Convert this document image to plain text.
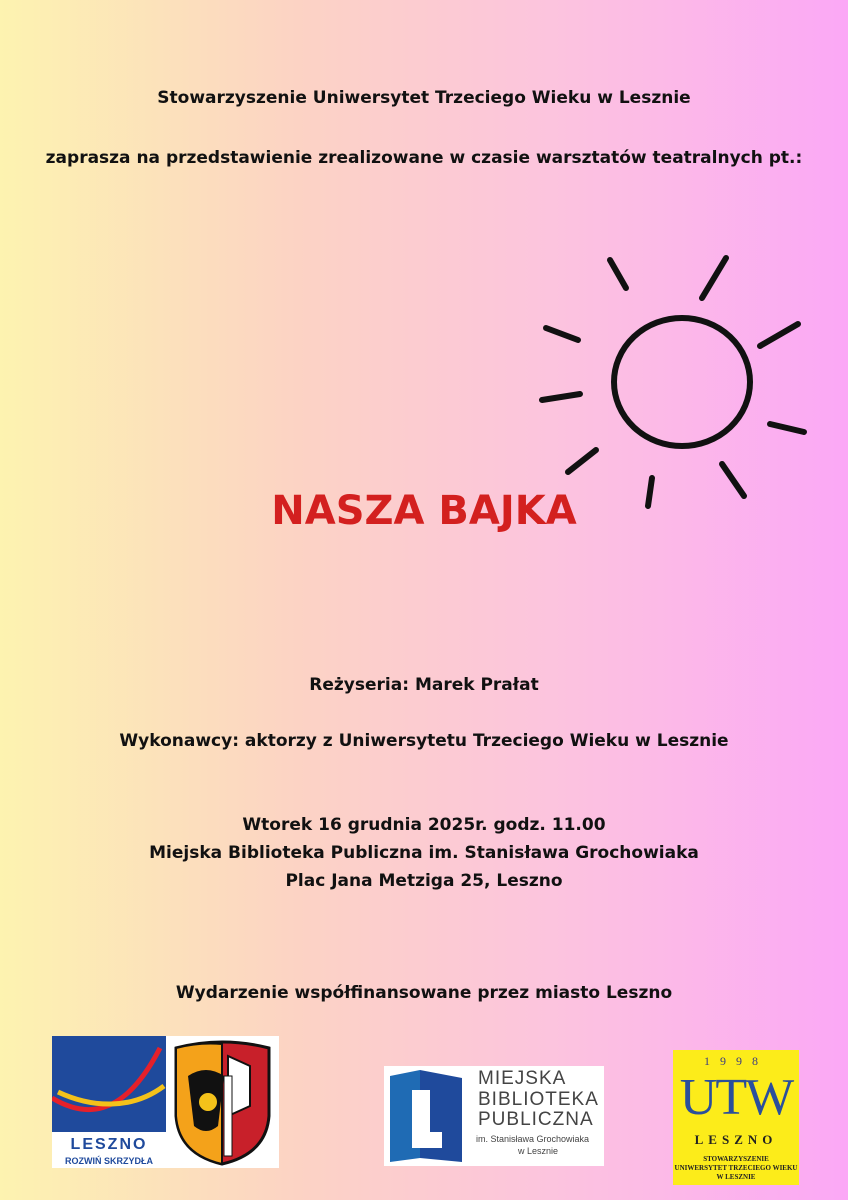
Stowarzyszenie Uniwersytet Trzeciego Wieku w Lesznie
zaprasza na przedstawienie zrealizowane w czasie warsztatów teatralnych pt.:
NASZA BAJKA
Reżyseria: Marek Prałat
Wykonawcy: aktorzy z Uniwersytetu Trzeciego Wieku w Lesznie
Wtorek 16 grudnia 2025r. godz. 11.00
Miejska Biblioteka Publiczna im. Stanisława Grochowiaka
Plac Jana Metziga 25, Leszno
Wydarzenie współfinansowane przez miasto Leszno
LESZNO
ROZWIŃ SKRZYDŁA
MIEJSKA
BIBLIOTEKA
PUBLICZNA
im. Stanisława Grochowiaka
w Lesznie
1998
UTW
LESZNO
STOWARZYSZENIE
UNIWERSYTET TRZECIEGO WIEKU
W LESZNIE
